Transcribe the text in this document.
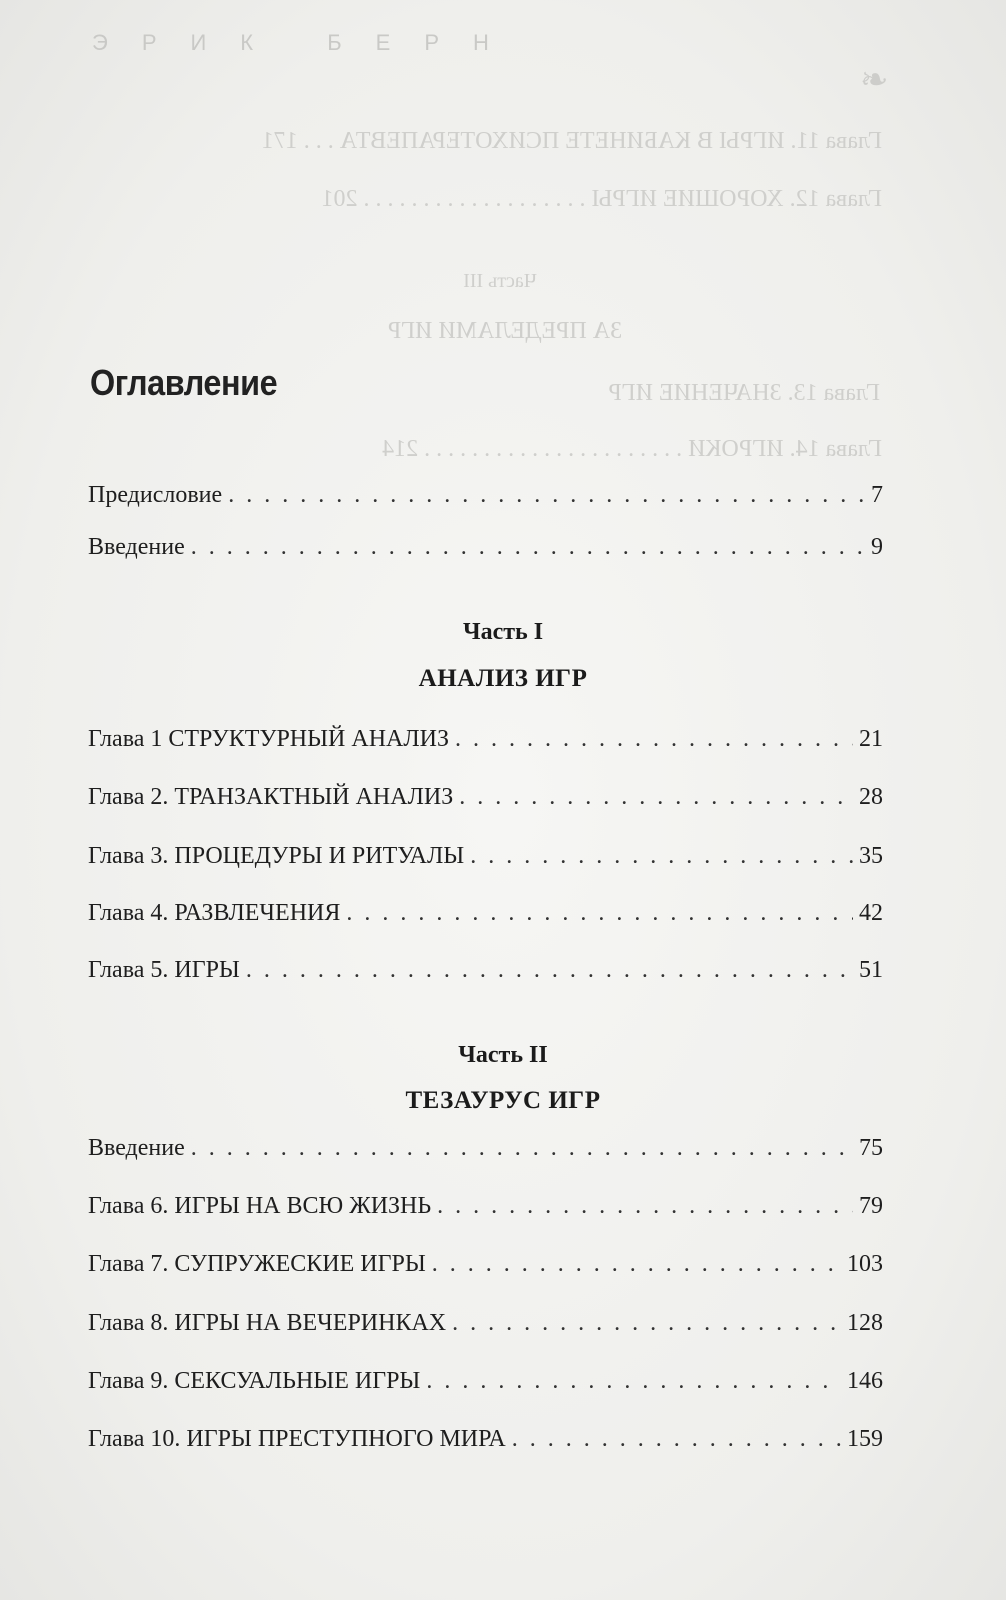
ЭРИК БЕРН
❧
Глава 11. ИГРЫ В КАБИНЕТЕ ПСИХОТЕРАПЕВТА . . . 171
Глава 12. ХОРОШИЕ ИГРЫ . . . . . . . . . . . . . . . . . . . 201
Часть III
ЗА ПРЕДЕЛАМИ ИГР
Глава 13. ЗНАЧЕНИЕ ИГР
Глава 14. ИГРОКИ . . . . . . . . . . . . . . . . . . . . . . 214
Оглавление
Предисловие . . .	7
Введение . . .	9
Часть I
АНАЛИЗ ИГР
Глава 1 СТРУКТУРНЫЙ АНАЛИЗ . . .	21
Глава 2. ТРАНЗАКТНЫЙ АНАЛИЗ . . .	28
Глава 3. ПРОЦЕДУРЫ И РИТУАЛЫ . . .	35
Глава 4. РАЗВЛЕЧЕНИЯ . . .	42
Глава 5. ИГРЫ . . .	51
Часть II
ТЕЗАУРУС ИГР
Введение . . .	75
Глава 6. ИГРЫ НА ВСЮ ЖИЗНЬ . . .	79
Глава 7. СУПРУЖЕСКИЕ ИГРЫ . . .	103
Глава 8. ИГРЫ НА ВЕЧЕРИНКАХ . . .	128
Глава 9. СЕКСУАЛЬНЫЕ ИГРЫ . . .	146
Глава 10. ИГРЫ ПРЕСТУПНОГО МИРА . . .	159
